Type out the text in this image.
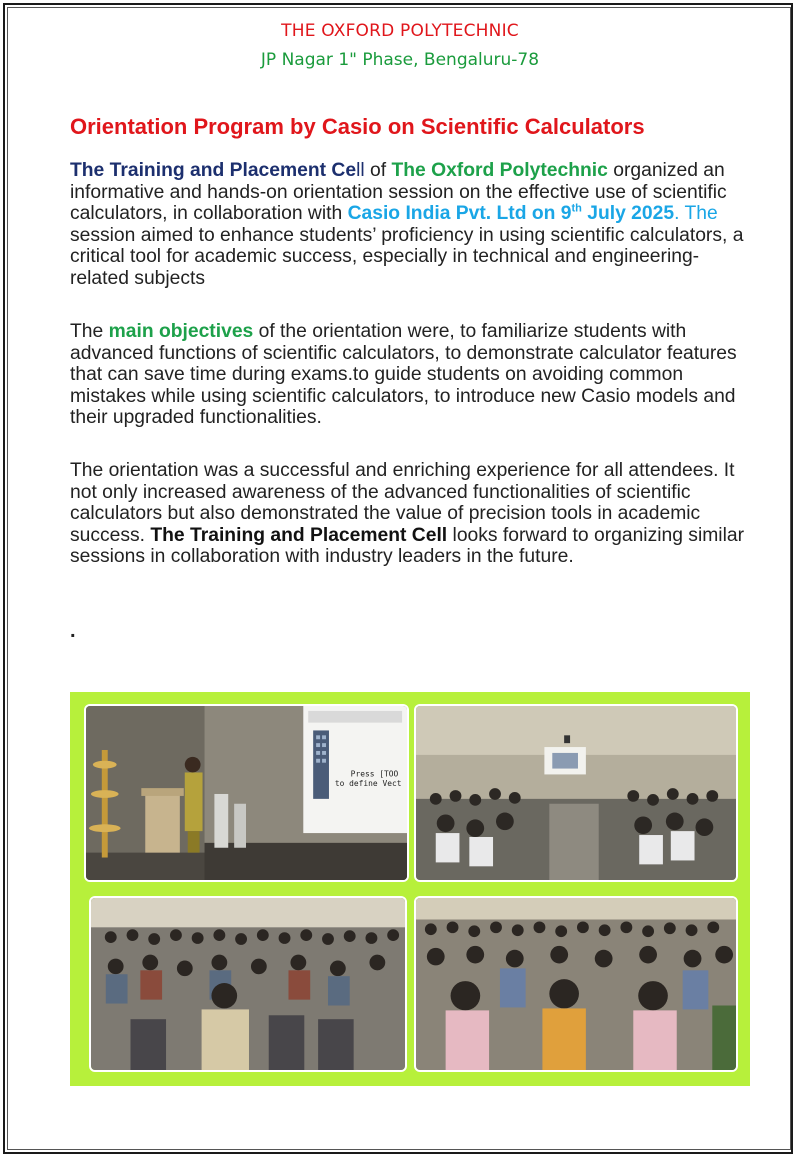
THE OXFORD POLYTECHNIC
JP Nagar 1" Phase, Bengaluru-78
Orientation Program by Casio on Scientific Calculators
The Training and Placement Cell of The Oxford Polytechnic organized an informative and hands-on orientation session on the effective use of scientific calculators, in collaboration with Casio India Pvt. Ltd on 9th July 2025. The session aimed to enhance students’ proficiency in using scientific calculators, a critical tool for academic success, especially in technical and engineering-related subjects
The main objectives of the orientation were, to familiarize students with advanced functions of scientific calculators, to demonstrate calculator features that can save time during exams.to guide students on avoiding common mistakes while using scientific calculators, to introduce new Casio models and their upgraded functionalities.
The orientation was a successful and enriching experience for all attendees. It not only increased awareness of the advanced functionalities of scientific calculators but also demonstrated the value of precision tools in academic success. The Training and Placement Cell looks forward to organizing similar sessions in collaboration with industry leaders in the future.
.
Press [TOO
to define Vect
